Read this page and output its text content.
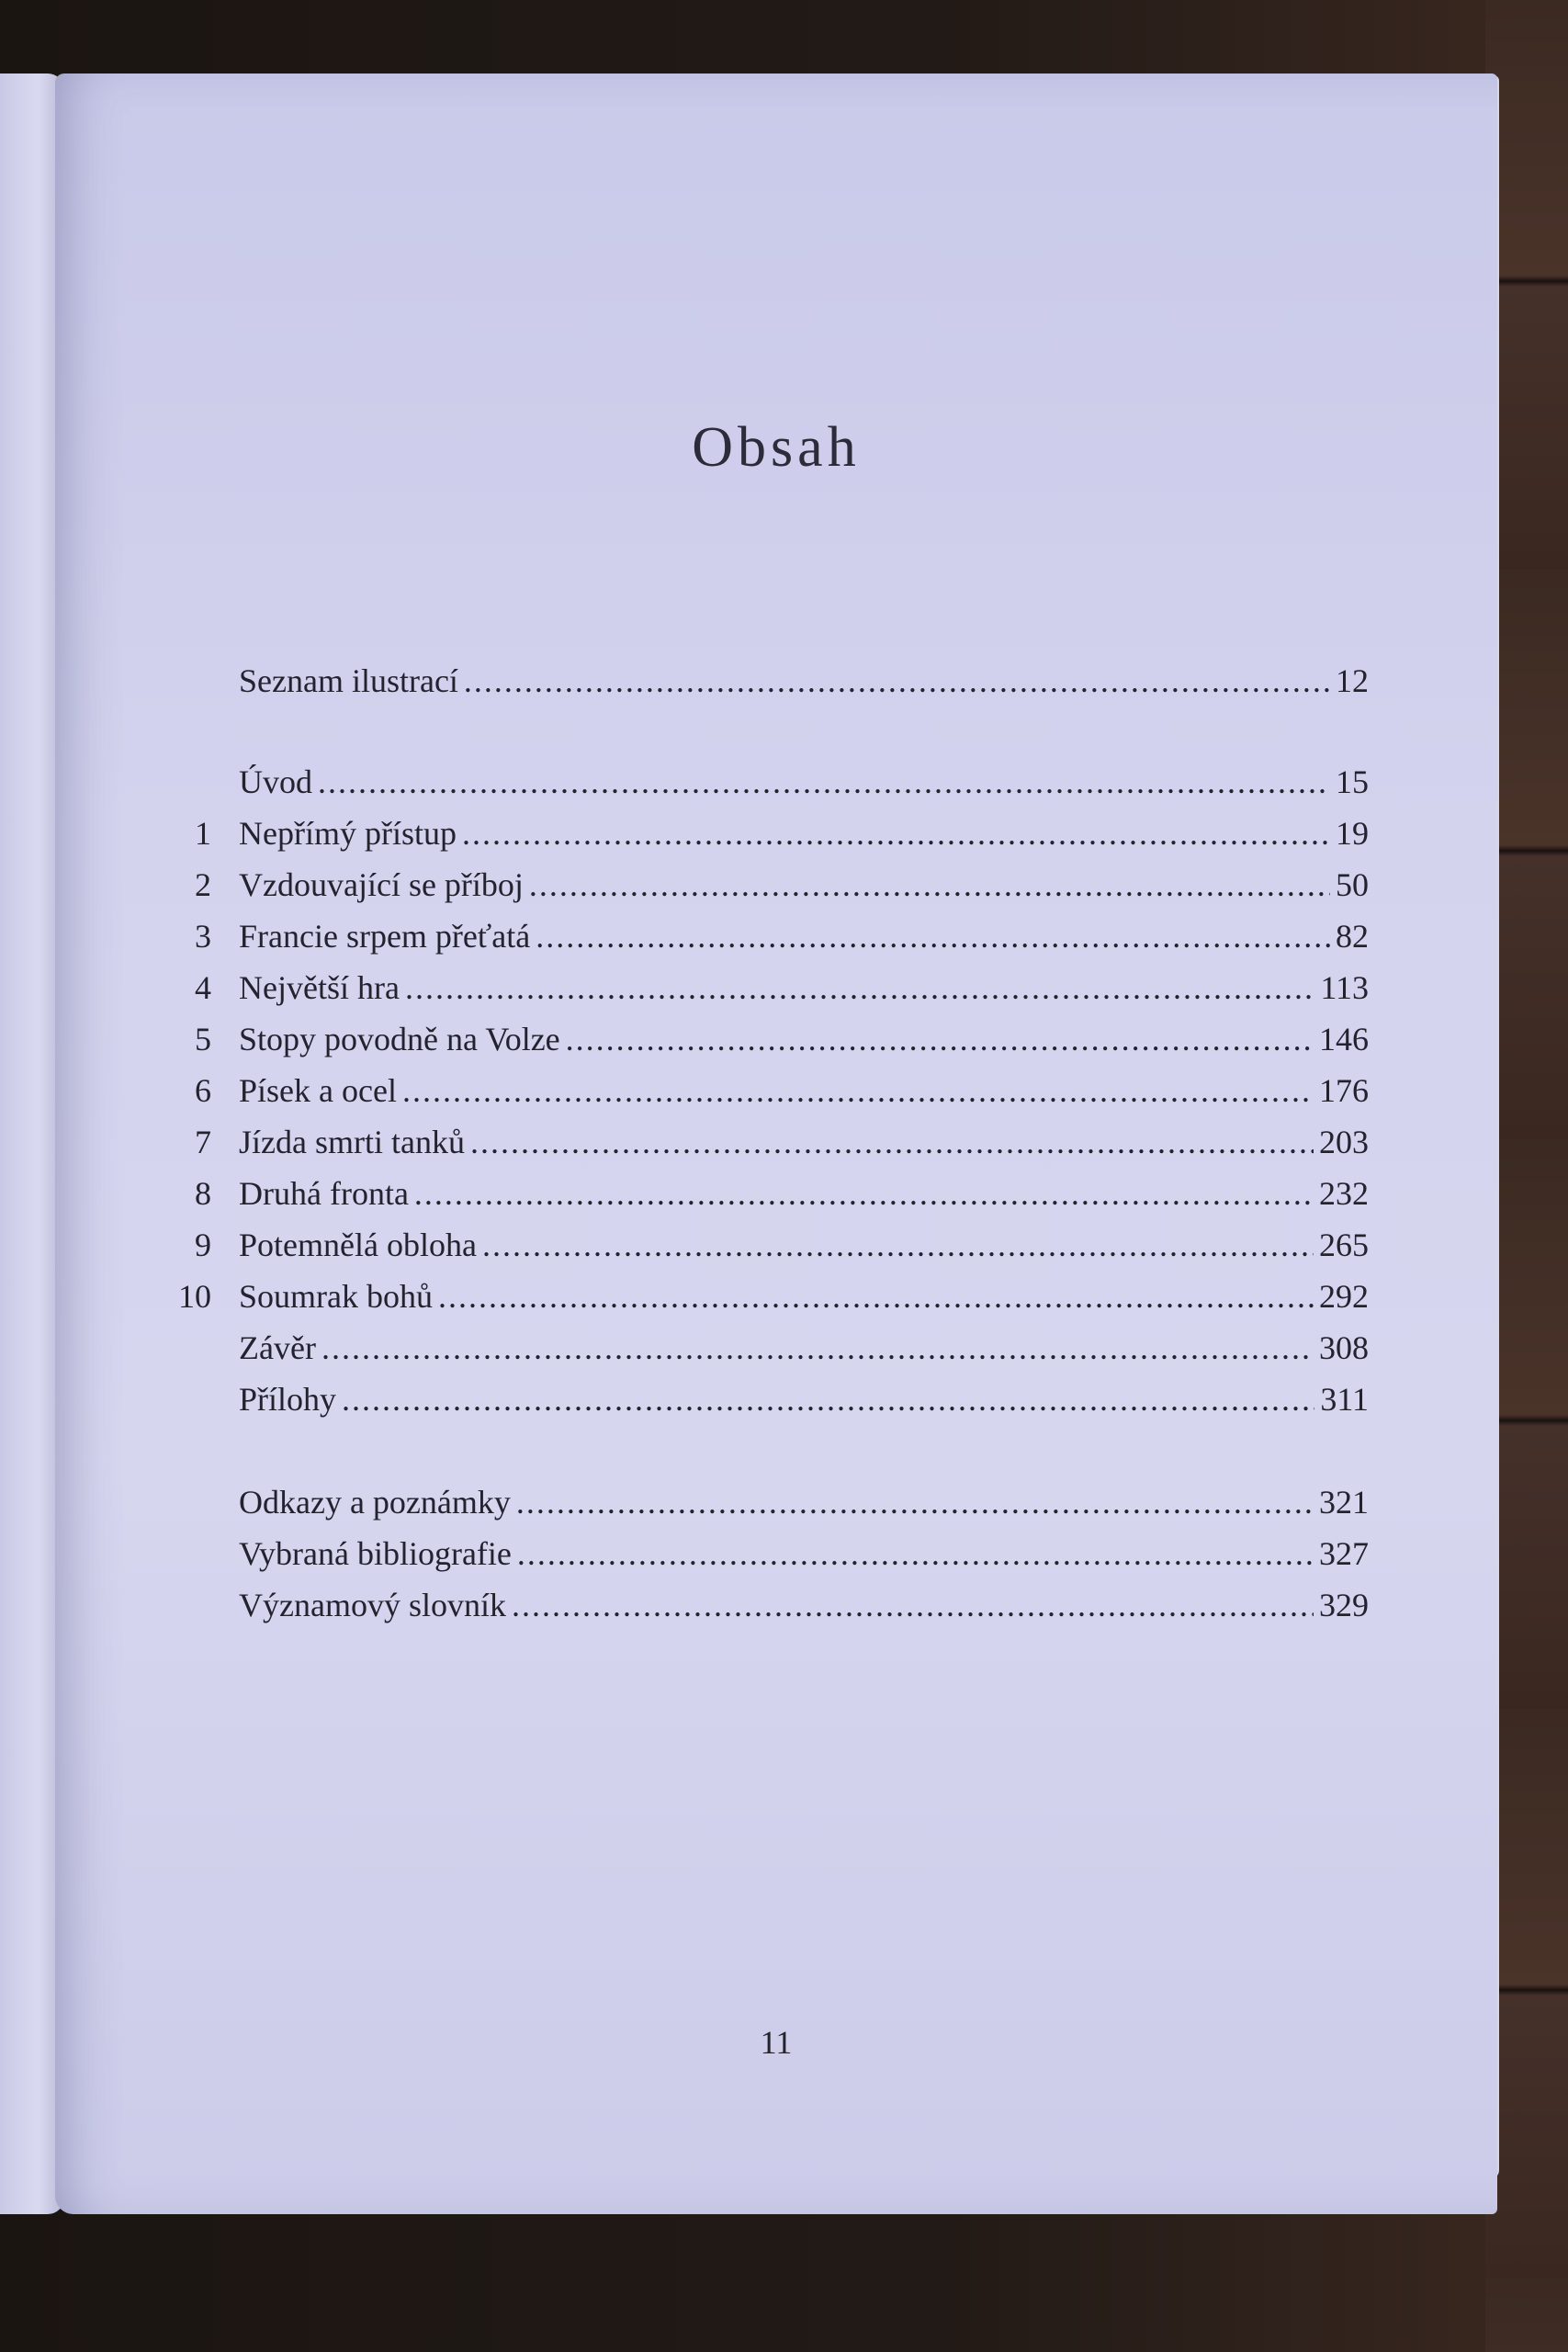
Obsah
Seznam ilustrací .....	12
Úvod .....	15
1 Nepřímý přístup .....	19
2 Vzdouvající se příboj .....	50
3 Francie srpem přeťatá .....	82
4 Největší hra .....	113
5 Stopy povodně na Volze .....	146
6 Písek a ocel .....	176
7 Jízda smrti tanků .....	203
8 Druhá fronta .....	232
9 Potemnělá obloha .....	265
10 Soumrak bohů .....	292
Závěr .....	308
Přílohy .....	311
Odkazy a poznámky .....	321
Vybraná bibliografie .....	327
Významový slovník .....	329
11
